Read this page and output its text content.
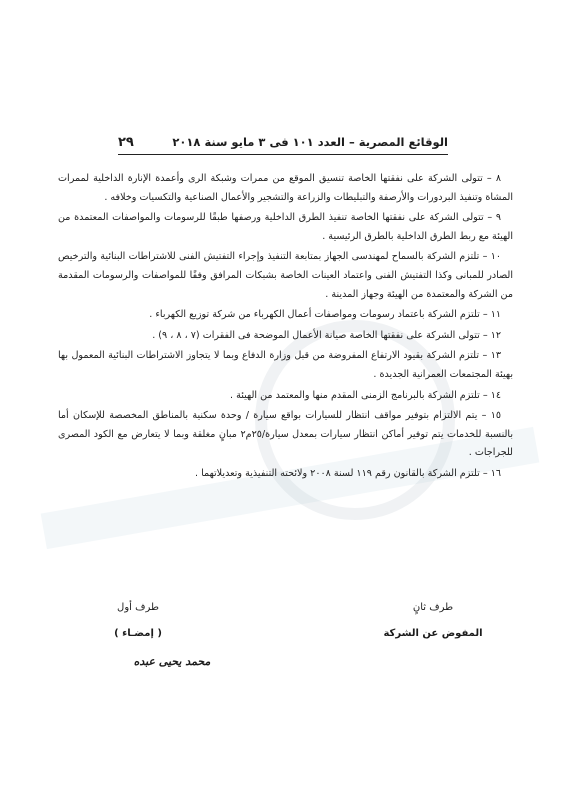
الوقائع المصرية – العدد ١٠١ فى ٣ مايو سنة ٢٠١٨
٢٩

٨ – تتولى الشركة على نفقتها الخاصة تنسيق الموقع من ممرات وشبكة الرى وأعمدة الإنارة الداخلية لممرات المشاة وتنفيذ البردورات والأرصفة والتبليطات والزراعة والتشجير والأعمال الصناعية والتكسيات وخلافه .

٩ – تتولى الشركة على نفقتها الخاصة تنفيذ الطرق الداخلية ورصفها طبقًا للرسومات والمواصفات المعتمدة من الهيئة مع ربط الطرق الداخلية بالطرق الرئيسية .

١٠ – تلتزم الشركة بالسماح لمهندسى الجهاز بمتابعة التنفيذ وإجراء التفتيش الفنى للاشتراطات البنائية والترخيص الصادر للمبانى وكذا التفتيش الفنى واعتماد العينات الخاصة بشبكات المرافق وفقًا للمواصفات والرسومات المقدمة من الشركة والمعتمدة من الهيئة وجهاز المدينة .

١١ – تلتزم الشركة باعتماد رسومات ومواصفات أعمال الكهرباء من شركة توزيع الكهرباء .

١٢ – تتولى الشركة على نفقتها الخاصة صيانة الأعمال الموضحة فى الفقرات (٧ ، ٨ ، ٩) .

١٣ – تلتزم الشركة بقيود الارتفاع المفروضة من قبل وزارة الدفاع وبما لا يتجاوز الاشتراطات البنائية المعمول بها بهيئة المجتمعات العمرانية الجديدة .

١٤ – تلتزم الشركة بالبرنامج الزمنى المقدم منها والمعتمد من الهيئة .

١٥ – يتم الالتزام بتوفير مواقف انتظار للسيارات بواقع سيارة / وحدة سكنية بالمناطق المخصصة للإسكان أما بالنسبة للخدمات يتم توفير أماكن انتظار سيارات بمعدل سيارة/٢٥م٢ مبانٍ مغلقة وبما لا يتعارض مع الكود المصرى للجراجات .

١٦ – تلتزم الشركة بالقانون رقم ١١٩ لسنة ٢٠٠٨ ولائحته التنفيذية وتعديلاتهما .

طرف ثانٍ
طرف أول
المفوض عن الشركة
( إمضـاء )
محمد يحيى عبده
